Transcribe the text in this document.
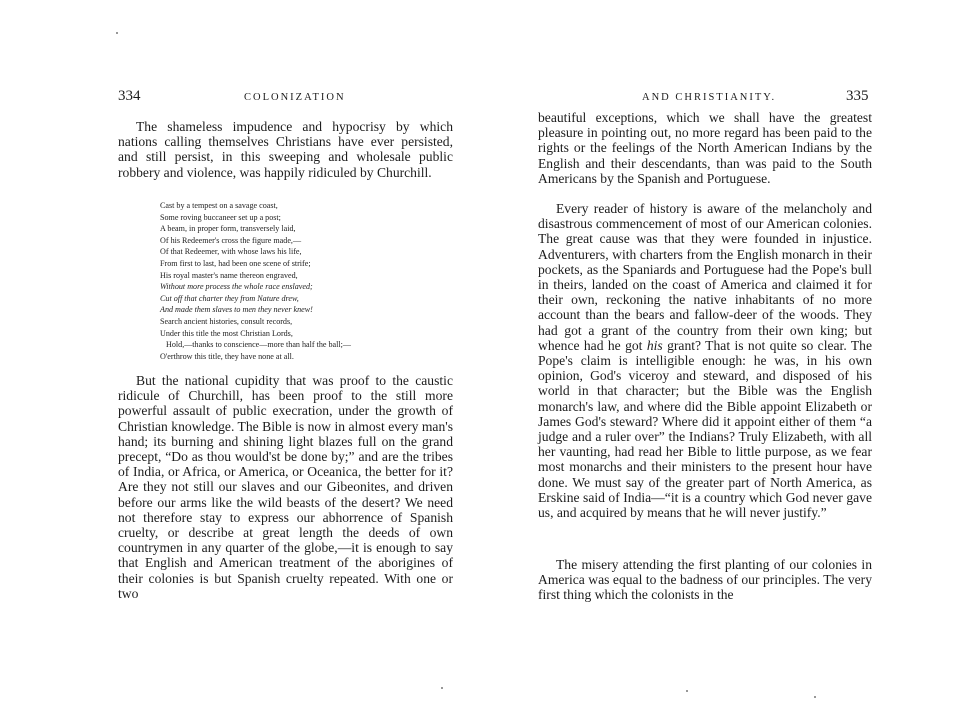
334	COLONIZATION

The shameless impudence and hypocrisy by which nations calling themselves Christians have ever persisted, and still persist, in this sweeping and wholesale public robbery and violence, was happily ridiculed by Churchill.

Cast by a tempest on a savage coast,
Some roving buccaneer set up a post;
A beam, in proper form, transversely laid,
Of his Redeemer's cross the figure made,—
Of that Redeemer, with whose laws his life,
From first to last, had been one scene of strife;
His royal master's name thereon engraved,
Without more process the whole race enslaved;
Cut off that charter they from Nature drew,
And made them slaves to men they never knew!
Search ancient histories, consult records,
Under this title the most Christian Lords,
Hold,—thanks to conscience—more than half the ball;—
O'erthrow this title, they have none at all.

But the national cupidity that was proof to the caustic ridicule of Churchill, has been proof to the still more powerful assault of public execration, under the growth of Christian knowledge. The Bible is now in almost every man's hand; its burning and shining light blazes full on the grand precept, “Do as thou would'st be done by;” and are the tribes of India, or Africa, or America, or Oceanica, the better for it? Are they not still our slaves and our Gibeonites, and driven before our arms like the wild beasts of the desert? We need not therefore stay to express our abhorrence of Spanish cruelty, or describe at great length the deeds of own countrymen in any quarter of the globe,—it is enough to say that English and American treatment of the aborigines of their colonies is but Spanish cruelty repeated. With one or two

AND CHRISTIANITY.	335

beautiful exceptions, which we shall have the greatest pleasure in pointing out, no more regard has been paid to the rights or the feelings of the North American Indians by the English and their descendants, than was paid to the South Americans by the Spanish and Portuguese.

Every reader of history is aware of the melancholy and disastrous commencement of most of our American colonies. The great cause was that they were founded in injustice. Adventurers, with charters from the English monarch in their pockets, as the Spaniards and Portuguese had the Pope's bull in theirs, landed on the coast of America and claimed it for their own, reckoning the native inhabitants of no more account than the bears and fallow-deer of the woods. They had got a grant of the country from their own king; but whence had he got his grant? That is not quite so clear. The Pope's claim is intelligible enough: he was, in his own opinion, God's viceroy and steward, and disposed of his world in that character; but the Bible was the English monarch's law, and where did the Bible appoint Elizabeth or James God's steward? Where did it appoint either of them “a judge and a ruler over” the Indians? Truly Elizabeth, with all her vaunting, had read her Bible to little purpose, as we fear most monarchs and their ministers to the present hour have done. We must say of the greater part of North America, as Erskine said of India—“it is a country which God never gave us, and acquired by means that he will never justify.”

The misery attending the first planting of our colonies in America was equal to the badness of our principles. The very first thing which the colonists in the
